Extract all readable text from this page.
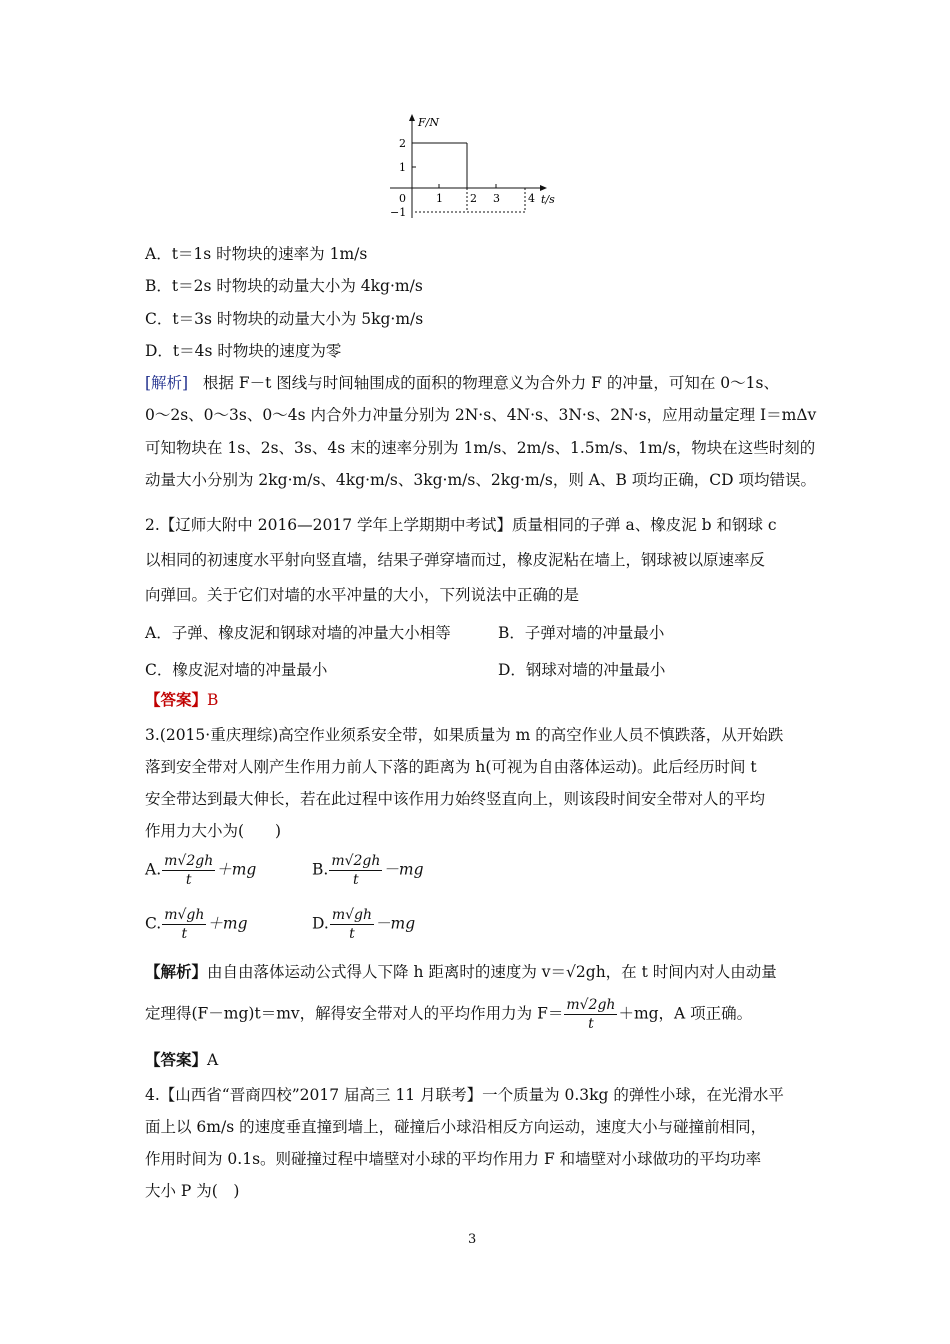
F/N
t/s
0
2
1
−1
1 2 3	4
A．t＝1s 时物块的速率为 1m/s
B．t＝2s 时物块的动量大小为 4kg·m/s
C．t＝3s 时物块的动量大小为 5kg·m/s
D．t＝4s 时物块的速度为零
[解析] 根据 F－t 图线与时间轴围成的面积的物理意义为合外力 F 的冲量，可知在 0～1s、
0～2s、0～3s、0～4s 内合外力冲量分别为 2N·s、4N·s、3N·s、2N·s，应用动量定理 I＝mΔv
可知物块在 1s、2s、3s、4s 末的速率分别为 1m/s、2m/s、1.5m/s、1m/s，物块在这些时刻的
动量大小分别为 2kg·m/s、4kg·m/s、3kg·m/s、2kg·m/s，则 A、B 项均正确，CD 项均错误。
2.【辽师大附中 2016—2017 学年上学期期中考试】质量相同的子弹 a、橡皮泥 b 和钢球 c
以相同的初速度水平射向竖直墙，结果子弹穿墙而过，橡皮泥粘在墙上，钢球被以原速率反
向弹回。关于它们对墙的水平冲量的大小，下列说法中正确的是
A．子弹、橡皮泥和钢球对墙的冲量大小相等	B．子弹对墙的冲量最小
C．橡皮泥对墙的冲量最小	D．钢球对墙的冲量最小
【答案】B
3.(2015·重庆理综)高空作业须系安全带，如果质量为 m 的高空作业人员不慎跌落，从开始跌
落到安全带对人刚产生作用力前人下落的距离为 h(可视为自由落体运动)。此后经历时间 t
安全带达到最大伸长，若在此过程中该作用力始终竖直向上，则该段时间安全带对人的平均
作用力大小为(　　)
A. $\frac{m√2gh}{t} +mg$	B. $\frac{m√2gh}{t} -mg$
C. $\frac{m√gh}{t} +mg$	D. $\frac{m√gh}{t} -mg$
【解析】由自由落体运动公式得人下降 h 距离时的速度为 v＝√2gh，在 t 时间内对人由动量
定理得(F－mg)t＝mv，解得安全带对人的平均作用力为 $F= \frac{m√2gh}{t} +mg$，A 项正确。
【答案】A
4.【山西省“晋商四校”2017 届高三 11 月联考】一个质量为 0.3kg 的弹性小球，在光滑水平
面上以 6m/s 的速度垂直撞到墙上，碰撞后小球沿相反方向运动，速度大小与碰撞前相同，
作用时间为 0.1s。则碰撞过程中墙壁对小球的平均作用力 F 和墙壁对小球做功的平均功率
大小 P 为(　)
3
